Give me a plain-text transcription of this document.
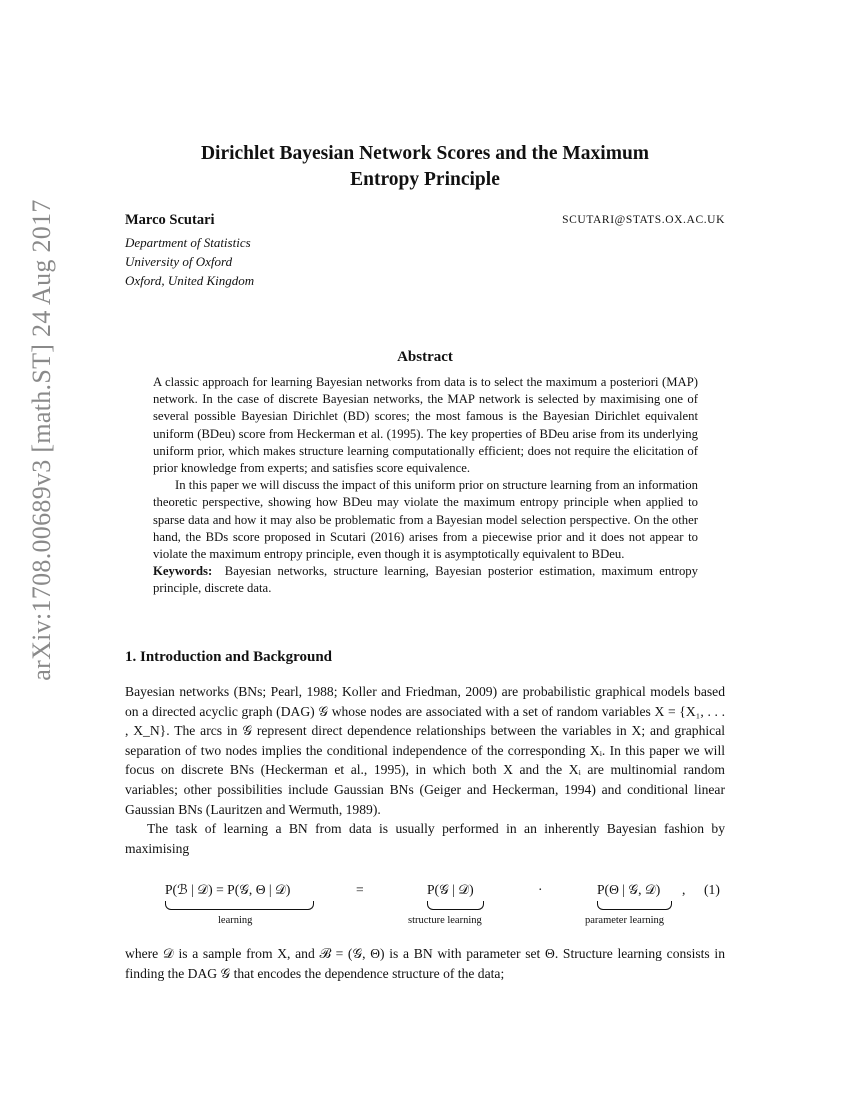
arXiv:1708.00689v3 [math.ST] 24 Aug 2017
Dirichlet Bayesian Network Scores and the Maximum
Entropy Principle
Marco Scutari	SCUTARI@STATS.OX.AC.UK
Department of Statistics
University of Oxford
Oxford, United Kingdom
Abstract

A classic approach for learning Bayesian networks from data is to select the maximum a posteriori (MAP) network. In the case of discrete Bayesian networks, the MAP network is selected by maximising one of several possible Bayesian Dirichlet (BD) scores; the most famous is the Bayesian Dirichlet equivalent uniform (BDeu) score from Heckerman et al. (1995). The key properties of BDeu arise from its underlying uniform prior, which makes structure learning computationally efficient; does not require the elicitation of prior knowledge from experts; and satisfies score equivalence.

In this paper we will discuss the impact of this uniform prior on structure learning from an information theoretic perspective, showing how BDeu may violate the maximum entropy principle when applied to sparse data and how it may also be problematic from a Bayesian model selection perspective. On the other hand, the BDs score proposed in Scutari (2016) arises from a piecewise prior and it does not appear to violate the maximum entropy principle, even though it is asymptotically equivalent to BDeu.

Keywords: Bayesian networks, structure learning, Bayesian posterior estimation, maximum entropy principle, discrete data.

1. Introduction and Background

Bayesian networks (BNs; Pearl, 1988; Koller and Friedman, 2009) are probabilistic graphical models based on a directed acyclic graph (DAG) 𝒢 whose nodes are associated with a set of random variables X = {X₁, . . . , X_N}. The arcs in 𝒢 represent direct dependence relationships between the variables in X; and graphical separation of two nodes implies the conditional independence of the corresponding Xᵢ. In this paper we will focus on discrete BNs (Heckerman et al., 1995), in which both X and the Xᵢ are multinomial random variables; other possibilities include Gaussian BNs (Geiger and Heckerman, 1994) and conditional linear Gaussian BNs (Lauritzen and Wermuth, 1989).

The task of learning a BN from data is usually performed in an inherently Bayesian fashion by maximising

P(ℬ | 𝒟) = P(𝒢, Θ | 𝒟)	=	P(𝒢 | 𝒟)	·	P(Θ | 𝒢, 𝒟) , (1)
learning	structure learning	parameter learning

where 𝒟 is a sample from X, and ℬ = (𝒢, Θ) is a BN with parameter set Θ. Structure learning consists in finding the DAG 𝒢 that encodes the dependence structure of the data;
